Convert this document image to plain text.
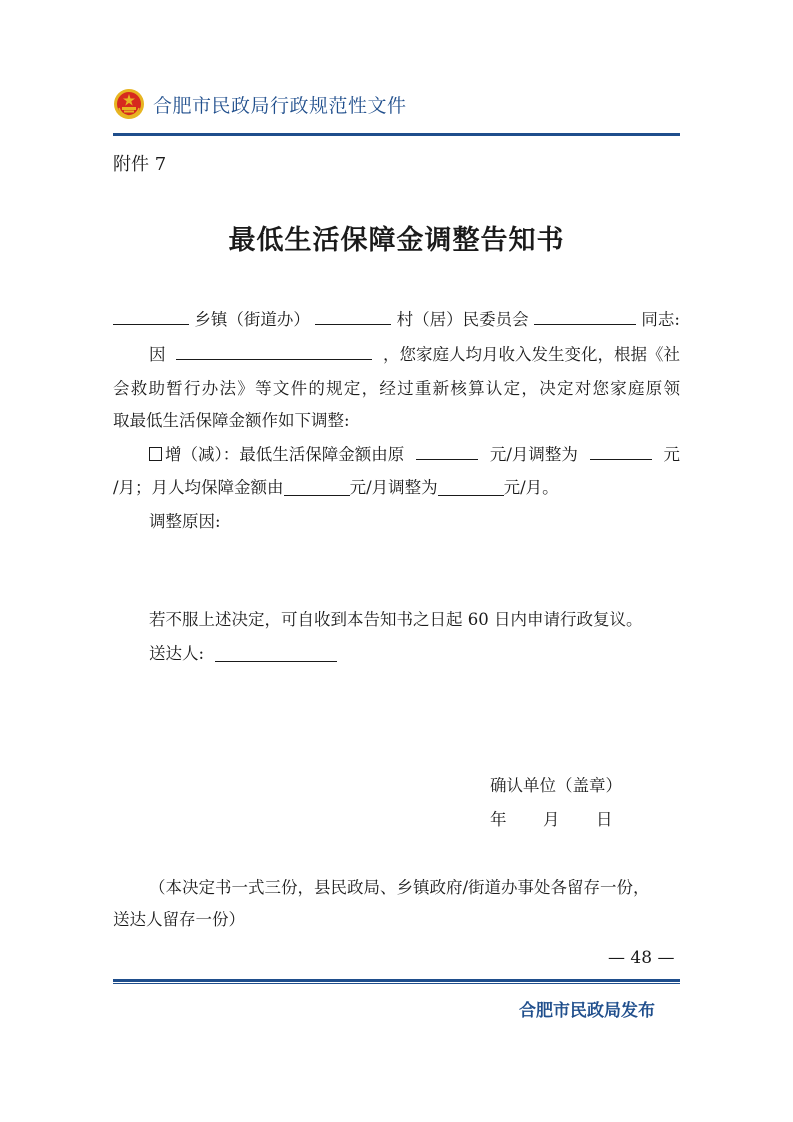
合肥市民政局行政规范性文件
附件 7
最低生活保障金调整告知书
乡镇（街道办）	村（居）民委员会	同志:
因	，您家庭人均月收入发生变化，根据《社
会救助暂行办法》等文件的规定，经过重新核算认定，决定对您家庭原领
取最低生活保障金额作如下调整:
增（减）：最低生活保障金额由原	元/月调整为	元
/月；月人均保障金额由	元/月调整为	元/月。
调整原因:
若不服上述决定，可自收到本告知书之日起 60 日内申请行政复议。
送达人:
确认单位（盖章）
年 月 日
（本决定书一式三份，县民政局、乡镇政府/街道办事处各留存一份，
送达人留存一份）
— 48 —
合肥市民政局发布
